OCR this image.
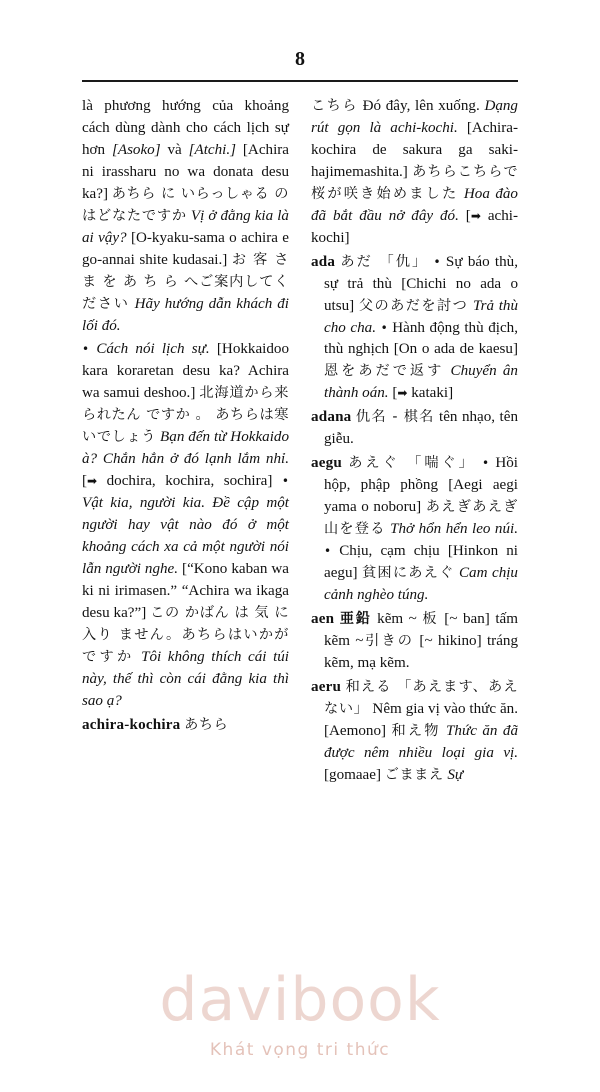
8

là phương hướng của khoảng cách dùng dành cho cách lịch sự hơn [Asoko] và [Atchi.] [Achira ni irassharu no wa donata desu ka?] あちら に いらっしゃる のはどなたですか Vị ở đằng kia là ai vậy? [O-kyaku-sama o achira e go-annai shite kudasai.] お 客 さ ま を あ ち ら へご案内してください Hãy hướng dẫn khách đi lối đó.

• Cách nói lịch sự. [Hokkaidoo kara koraretan desu ka? Achira wa samui deshoo.] 北海道から来られたん ですか 。 あちらは寒いでしょう Bạn đến từ Hokkaido à? Chắn hẳn ở đó lạnh lắm nhỉ. [➡ dochira, kochira, sochira] • Vật kia, người kia. Đề cập một người hay vật nào đó ở một khoảng cách xa cả một người nói lẫn người nghe. [“Kono kaban wa ki ni irimasen.” “Achira wa ikaga desu ka?”] この かばん は 気 に 入り ません。あちらはいかが ですか Tôi không thích cái túi này, thế thì còn cái đằng kia thì sao ạ?

achira-kochira あちら

こちら Đó đây, lên xuống. Dạng rút gọn là achi-kochi. [Achira-kochira de sakura ga saki-hajimemashita.] あちらこちらで桜が咲き始めました Hoa đào đã bắt đầu nở đây đó. [➡ achi-kochi]

ada あだ 「仇」 • Sự báo thù, sự trả thù [Chichi no ada o utsu] 父のあだを討つ Trả thù cho cha. • Hành động thù địch, thù nghịch [On o ada de kaesu] 恩をあだで返す Chuyển ân thành oán. [➡ kataki]

adana 仇名 - 棋名 tên nhạo, tên giễu.

aegu あえぐ 「喘ぐ」 • Hồi hộp, phập phồng [Aegi aegi yama o noboru] あえぎあえぎ山を登る Thở hổn hển leo núi. • Chịu, cạm chịu [Hinkon ni aegu] 貧困にあえぐ Cam chịu cảnh nghèo túng.

aen 亜鉛 kẽm ~ 板 [~ ban] tấm kẽm ~引きの [~ hikino] tráng kẽm, mạ kẽm.

aeru 和える 「あえます、あえない」 Nêm gia vị vào thức ăn. [Aemono] 和え物 Thức ăn đã được nêm nhiều loại gia vị. [gomaae] ごままえ Sự

davibook
Khát vọng tri thức
